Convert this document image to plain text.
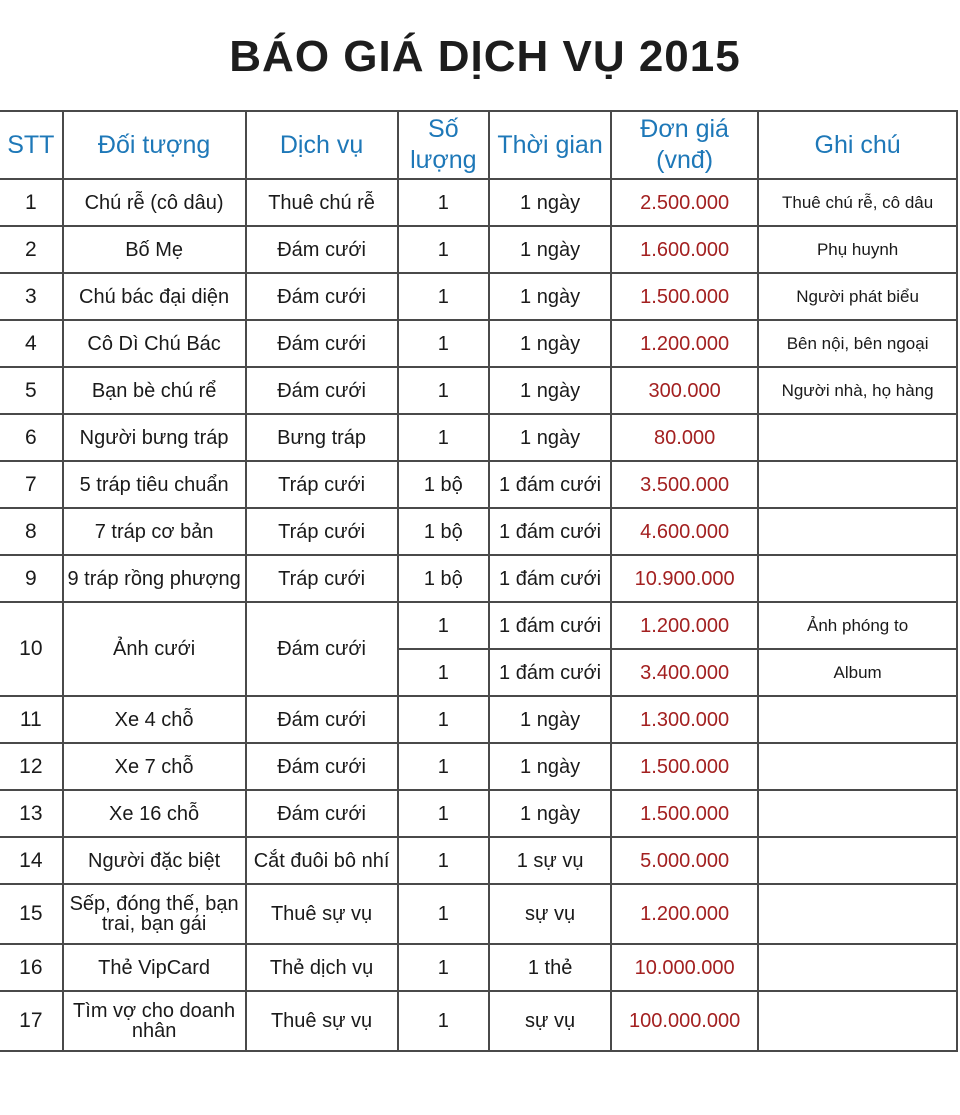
BÁO GIÁ DỊCH VỤ 2015
STT	Đối tượng	Dịch vụ	Số lượng	Thời gian	Đơn giá (vnđ)	Ghi chú
1	Chú rễ (cô dâu)	Thuê chú rễ	1	1 ngày	2.500.000	Thuê chú rễ, cô dâu
2	Bố Mẹ	Đám cưới	1	1 ngày	1.600.000	Phụ huynh
3	Chú bác đại diện	Đám cưới	1	1 ngày	1.500.000	Người phát biểu
4	Cô Dì Chú Bác	Đám cưới	1	1 ngày	1.200.000	Bên nội, bên ngoại
5	Bạn bè chú rể	Đám cưới	1	1 ngày	300.000	Người nhà, họ hàng
6	Người bưng tráp	Bưng tráp	1	1 ngày	80.000	
7	5 tráp tiêu chuẩn	Tráp cưới	1 bộ	1 đám cưới	3.500.000	
8	7 tráp cơ bản	Tráp cưới	1 bộ	1 đám cưới	4.600.000	
9	9 tráp rồng phượng	Tráp cưới	1 bộ	1 đám cưới	10.900.000	
10	Ảnh cưới	Đám cưới	1	1 đám cưới	1.200.000	Ảnh phóng to
			1	1 đám cưới	3.400.000	Album
11	Xe 4 chỗ	Đám cưới	1	1 ngày	1.300.000	
12	Xe 7 chỗ	Đám cưới	1	1 ngày	1.500.000	
13	Xe 16 chỗ	Đám cưới	1	1 ngày	1.500.000	
14	Người đặc biệt	Cắt đuôi bô nhí	1	1 sự vụ	5.000.000	
15	Sếp, đóng thế, bạn trai, bạn gái	Thuê sự vụ	1	sự vụ	1.200.000	
16	Thẻ VipCard	Thẻ dịch vụ	1	1 thẻ	10.000.000	
17	Tìm vợ cho doanh nhân	Thuê sự vụ	1	sự vụ	100.000.000	
